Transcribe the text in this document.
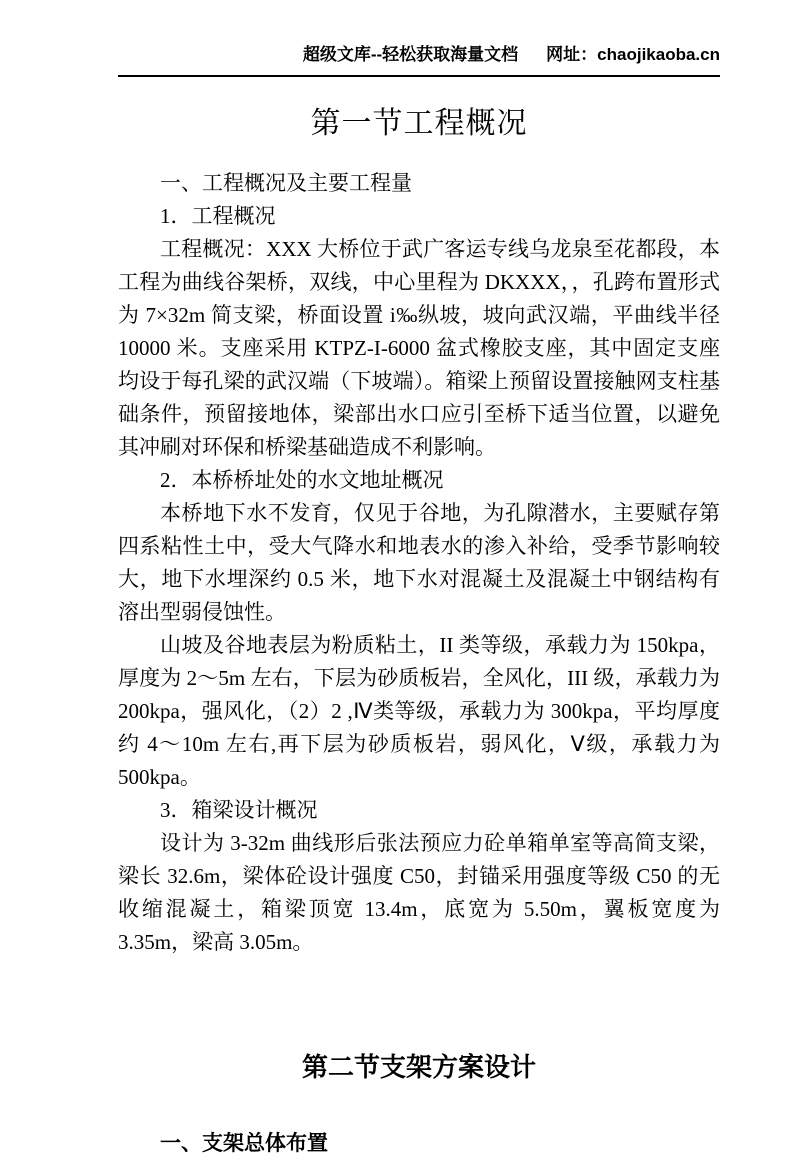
超级文库--轻松获取海量文档 网址：chaojikaoba.cn
第一节工程概况

一、工程概况及主要工程量

1．工程概况

工程概况：XXX 大桥位于武广客运专线乌龙泉至花都段，本工程为曲线谷架桥，双线，中心里程为 DKXXX，，孔跨布置形式为 7×32m 简支梁，桥面设置 i‰纵坡，坡向武汉端，平曲线半径 10000 米。支座采用 KTPZ-I-6000 盆式橡胶支座，其中固定支座均设于每孔梁的武汉端（下坡端）。箱梁上预留设置接触网支柱基础条件，预留接地体，梁部出水口应引至桥下适当位置，以避免其冲刷对环保和桥梁基础造成不利影响。

2．本桥桥址处的水文地址概况

本桥地下水不发育，仅见于谷地，为孔隙潜水，主要赋存第四系粘性土中，受大气降水和地表水的渗入补给，受季节影响较大，地下水埋深约 0.5 米，地下水对混凝土及混凝土中钢结构有溶出型弱侵蚀性。

山坡及谷地表层为粉质粘土，II 类等级，承载力为 150kpa，厚度为 2～5m 左右，下层为砂质板岩，全风化，III 级，承载力为 200kpa，强风化，（2）2 ,Ⅳ类等级，承载力为 300kpa，平均厚度约 4～10m 左右,再下层为砂质板岩，弱风化，Ⅴ级，承载力为 500kpa。

3．箱梁设计概况

设计为 3-32m 曲线形后张法预应力砼单箱单室等高简支梁，梁长 32.6m，梁体砼设计强度 C50，封锚采用强度等级 C50 的无收缩混凝土，箱梁顶宽 13.4m，底宽为 5.50m，翼板宽度为 3.35m，梁高 3.05m。

第二节支架方案设计

一、支架总体布置
